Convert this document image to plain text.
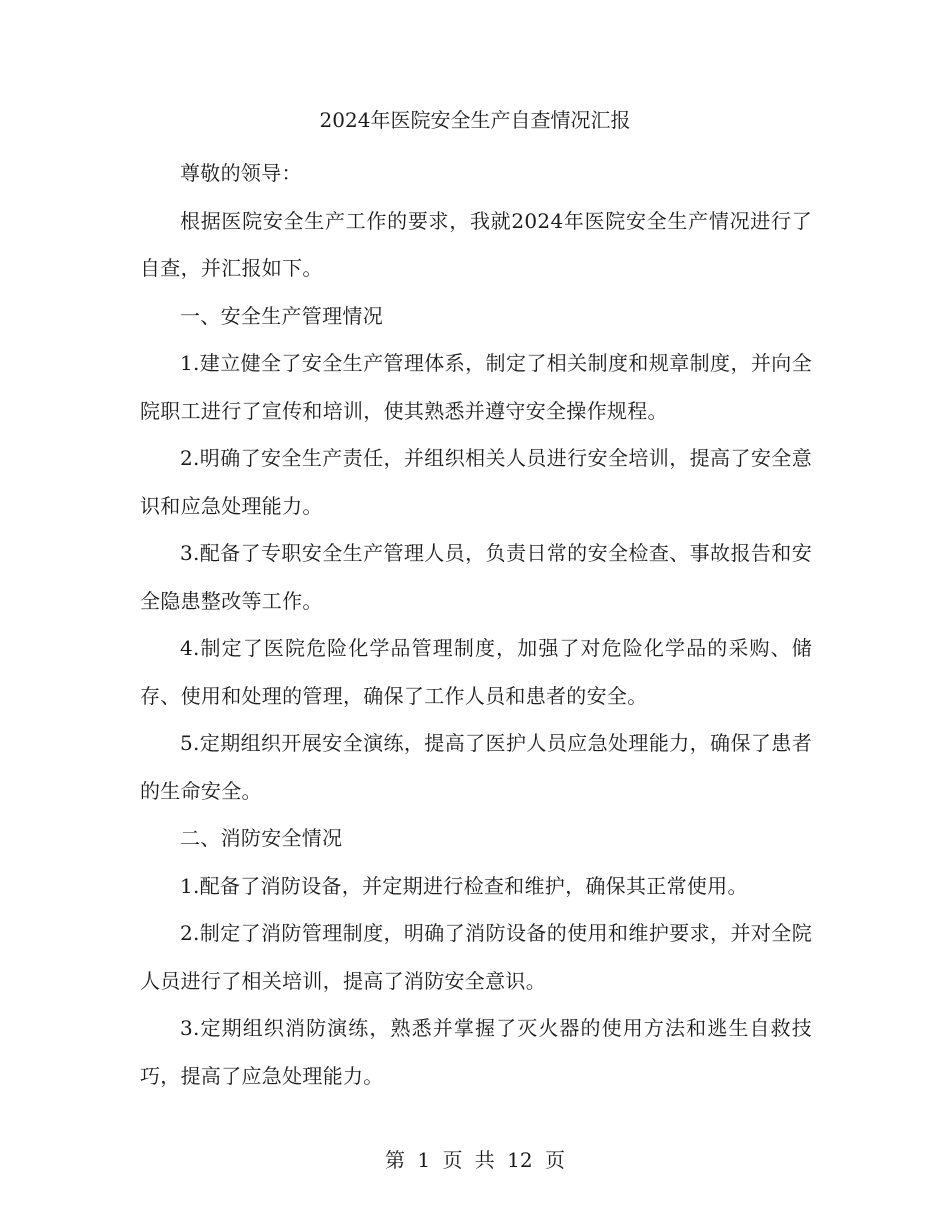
2024年医院安全生产自查情况汇报

尊敬的领导：

根据医院安全生产工作的要求，我就2024年医院安全生产情况进行了自查，并汇报如下。

一、安全生产管理情况

1.建立健全了安全生产管理体系，制定了相关制度和规章制度，并向全院职工进行了宣传和培训，使其熟悉并遵守安全操作规程。

2.明确了安全生产责任，并组织相关人员进行安全培训，提高了安全意识和应急处理能力。

3.配备了专职安全生产管理人员，负责日常的安全检查、事故报告和安全隐患整改等工作。

4.制定了医院危险化学品管理制度，加强了对危险化学品的采购、储存、使用和处理的管理，确保了工作人员和患者的安全。

5.定期组织开展安全演练，提高了医护人员应急处理能力，确保了患者的生命安全。

二、消防安全情况

1.配备了消防设备，并定期进行检查和维护，确保其正常使用。

2.制定了消防管理制度，明确了消防设备的使用和维护要求，并对全院人员进行了相关培训，提高了消防安全意识。

3.定期组织消防演练，熟悉并掌握了灭火器的使用方法和逃生自救技巧，提高了应急处理能力。

第 1 页 共 12 页
